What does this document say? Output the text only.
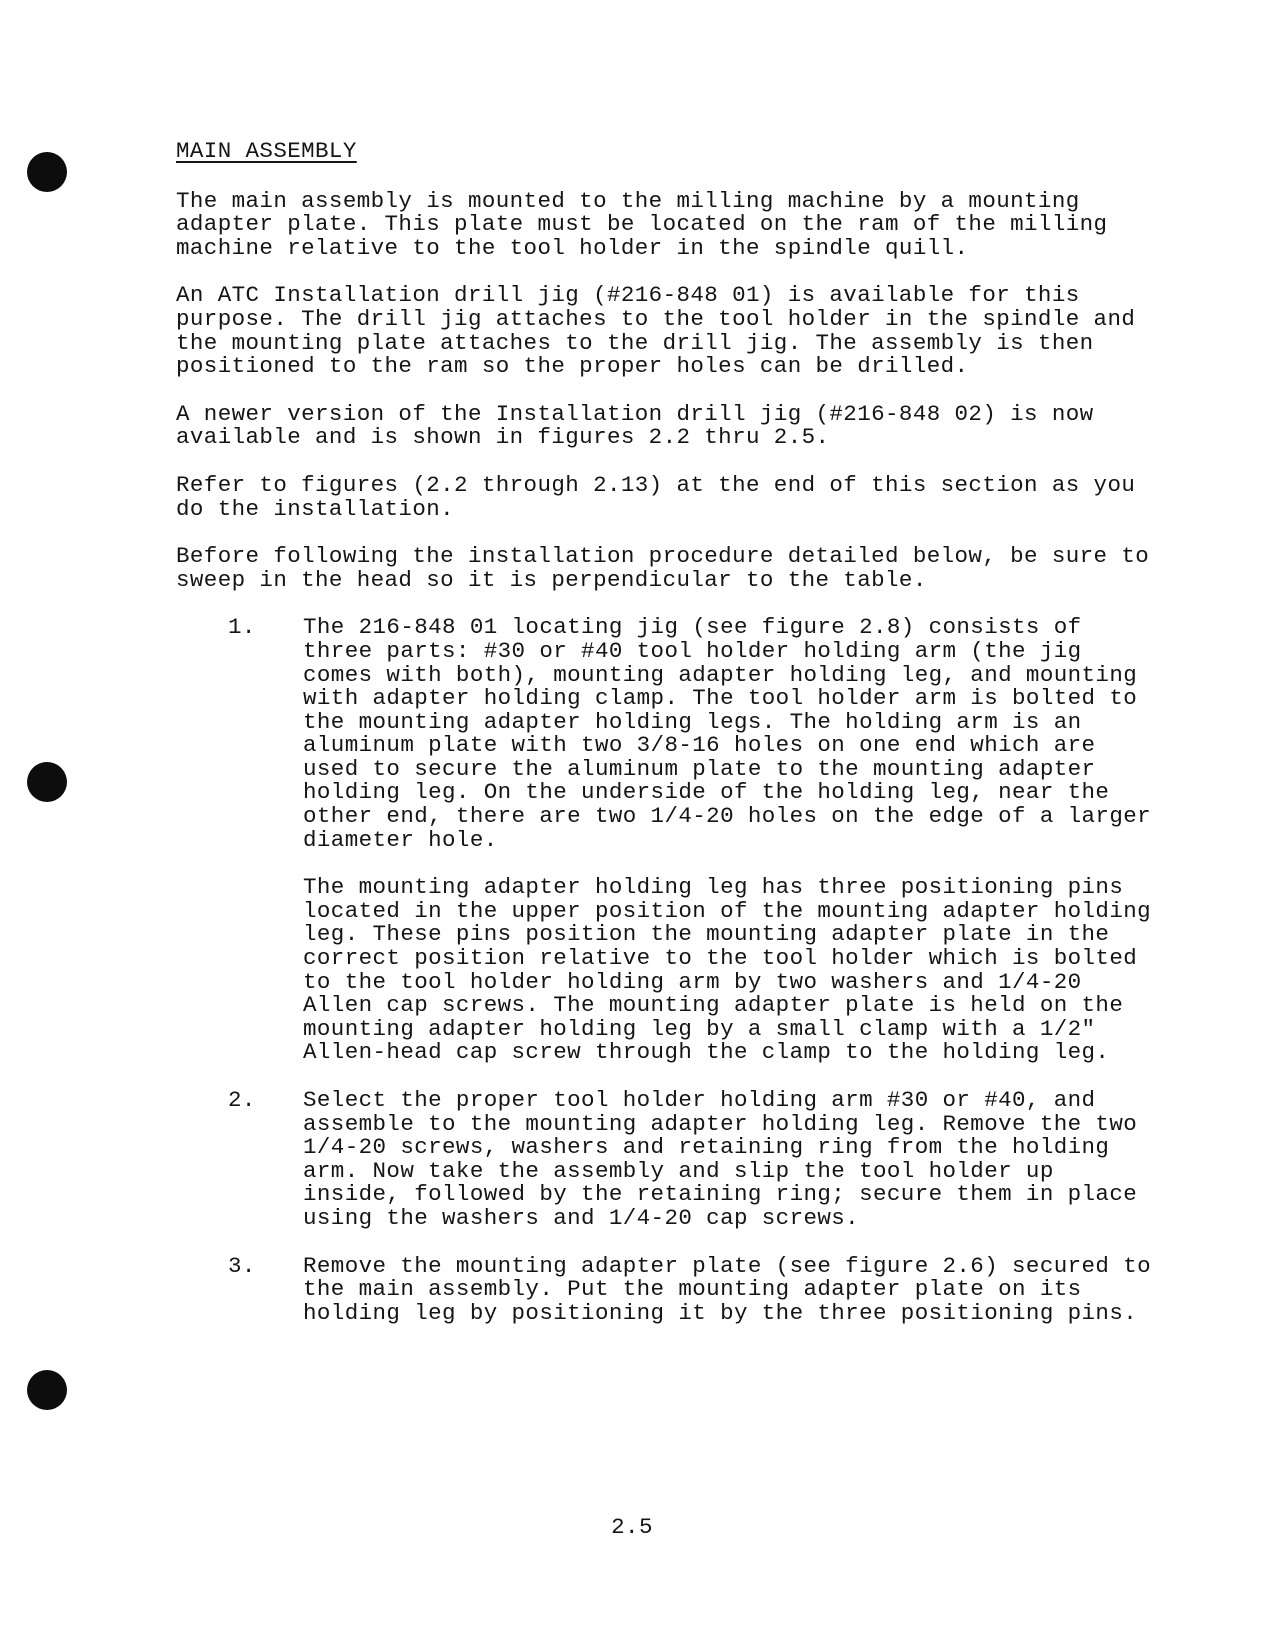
MAIN ASSEMBLY

The main assembly is mounted to the milling machine by a mounting adapter plate. This plate must be located on the ram of the milling machine relative to the tool holder in the spindle quill.

An ATC Installation drill jig (#216-848 01) is available for this purpose. The drill jig attaches to the tool holder in the spindle and the mounting plate attaches to the drill jig. The assembly is then positioned to the ram so the proper holes can be drilled.

A newer version of the Installation drill jig (#216-848 02) is now available and is shown in figures 2.2 thru 2.5.

Refer to figures (2.2 through 2.13) at the end of this section as you do the installation.

Before following the installation procedure detailed below, be sure to sweep in the head so it is perpendicular to the table.

1. The 216-848 01 locating jig (see figure 2.8) consists of three parts: #30 or #40 tool holder holding arm (the jig comes with both), mounting adapter holding leg, and mounting with adapter holding clamp. The tool holder arm is bolted to the mounting adapter holding legs. The holding arm is an aluminum plate with two 3/8-16 holes on one end which are used to secure the aluminum plate to the mounting adapter holding leg. On the underside of the holding leg, near the other end, there are two 1/4-20 holes on the edge of a larger diameter hole.

The mounting adapter holding leg has three positioning pins located in the upper position of the mounting adapter holding leg. These pins position the mounting adapter plate in the correct position relative to the tool holder which is bolted to the tool holder holding arm by two washers and 1/4-20 Allen cap screws. The mounting adapter plate is held on the mounting adapter holding leg by a small clamp with a 1/2" Allen-head cap screw through the clamp to the holding leg.

2. Select the proper tool holder holding arm #30 or #40, and assemble to the mounting adapter holding leg. Remove the two 1/4-20 screws, washers and retaining ring from the holding arm. Now take the assembly and slip the tool holder up inside, followed by the retaining ring; secure them in place using the washers and 1/4-20 cap screws.

3. Remove the mounting adapter plate (see figure 2.6) secured to the main assembly. Put the mounting adapter plate on its holding leg by positioning it by the three positioning pins.

2.5
